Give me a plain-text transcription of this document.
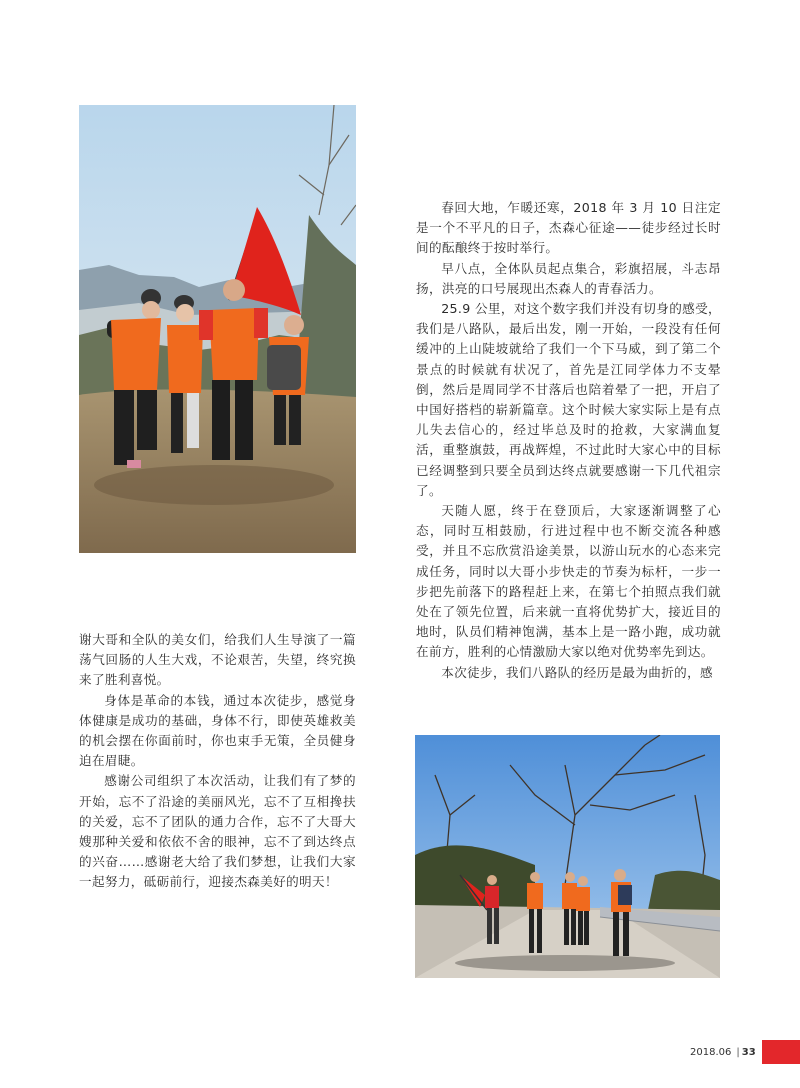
春回大地，乍暖还寒，2018 年 3 月 10 日注定是一个不平凡的日子，杰森心征途——徒步经过长时间的酝酿终于按时举行。

早八点，全体队员起点集合，彩旗招展，斗志昂扬，洪亮的口号展现出杰森人的青春活力。

25.9 公里，对这个数字我们并没有切身的感受，我们是八路队，最后出发，刚一开始，一段没有任何缓冲的上山陡坡就给了我们一个下马威，到了第二个景点的时候就有状况了，首先是江同学体力不支晕倒，然后是周同学不甘落后也陪着晕了一把，开启了中国好搭档的崭新篇章。这个时候大家实际上是有点儿失去信心的，经过毕总及时的抢救，大家满血复活，重整旗鼓，再战辉煌，不过此时大家心中的目标已经调整到只要全员到达终点就要感谢一下几代祖宗了。

天随人愿，终于在登顶后，大家逐渐调整了心态，同时互相鼓励，行进过程中也不断交流各种感受，并且不忘欣赏沿途美景，以游山玩水的心态来完成任务，同时以大哥小步快走的节奏为标杆，一步一步把先前落下的路程赶上来，在第七个拍照点我们就处在了领先位置，后来就一直将优势扩大，接近目的地时，队员们精神饱满，基本上是一路小跑，成功就在前方，胜利的心情激励大家以绝对优势率先到达。

本次徒步，我们八路队的经历是最为曲折的，感

谢大哥和全队的美女们，给我们人生导演了一篇荡气回肠的人生大戏，不论艰苦，失望，终究换来了胜利喜悦。

身体是革命的本钱，通过本次徒步，感觉身体健康是成功的基础，身体不行，即使英雄救美的机会摆在你面前时，你也束手无策，全员健身迫在眉睫。

感谢公司组织了本次活动，让我们有了梦的开始，忘不了沿途的美丽风光，忘不了互相搀扶的关爱，忘不了团队的通力合作，忘不了大哥大嫂那种关爱和依依不舍的眼神，忘不了到达终点的兴奋……感谢老大给了我们梦想，让我们大家一起努力，砥砺前行，迎接杰森美好的明天！

2018.06 | 33
